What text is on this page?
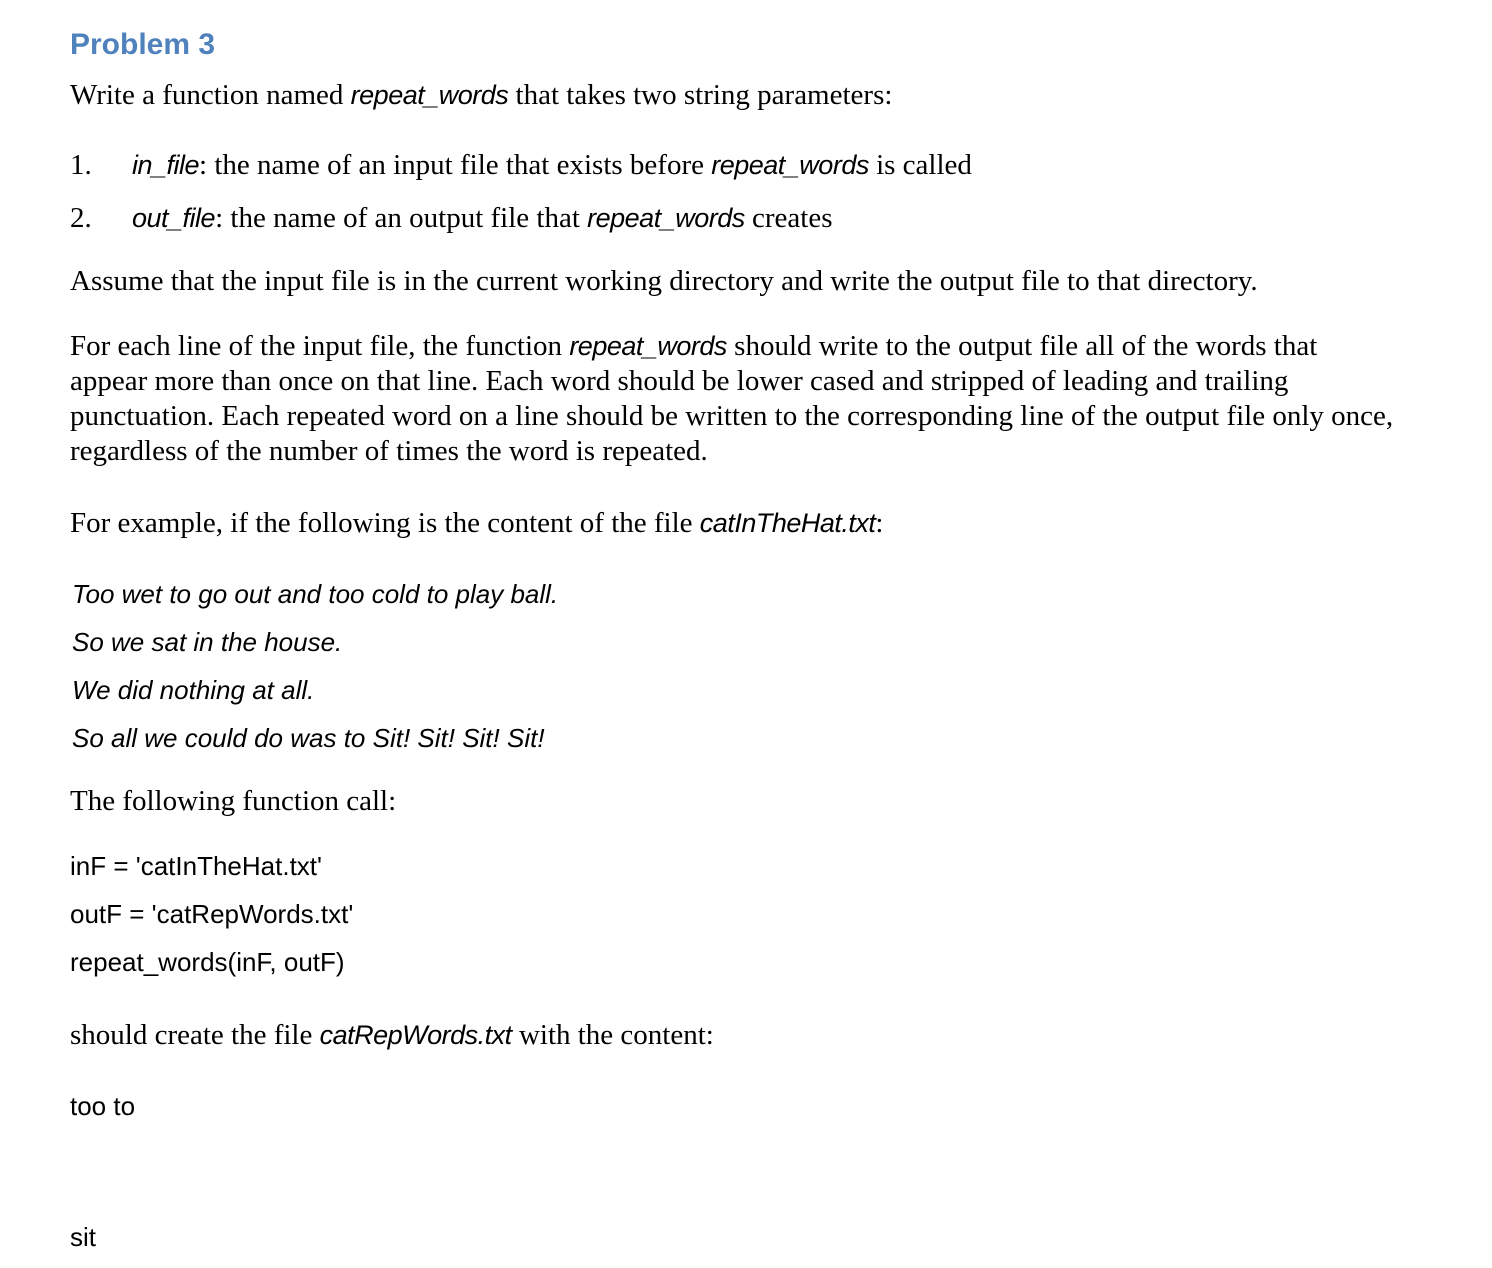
Problem 3

Write a function named repeat_words that takes two string parameters:

1. in_file: the name of an input file that exists before repeat_words is called

2. out_file: the name of an output file that repeat_words creates

Assume that the input file is in the current working directory and write the output file to that directory.

For each line of the input file, the function repeat_words should write to the output file all of the words that appear more than once on that line. Each word should be lower cased and stripped of leading and trailing punctuation. Each repeated word on a line should be written to the corresponding line of the output file only once, regardless of the number of times the word is repeated.

For example, if the following is the content of the file catInTheHat.txt:

Too wet to go out and too cold to play ball.

So we sat in the house.

We did nothing at all.

So all we could do was to Sit! Sit! Sit! Sit!

The following function call:

inF = 'catInTheHat.txt'

outF = 'catRepWords.txt'

repeat_words(inF, outF)

should create the file catRepWords.txt with the content:

too to

sit
